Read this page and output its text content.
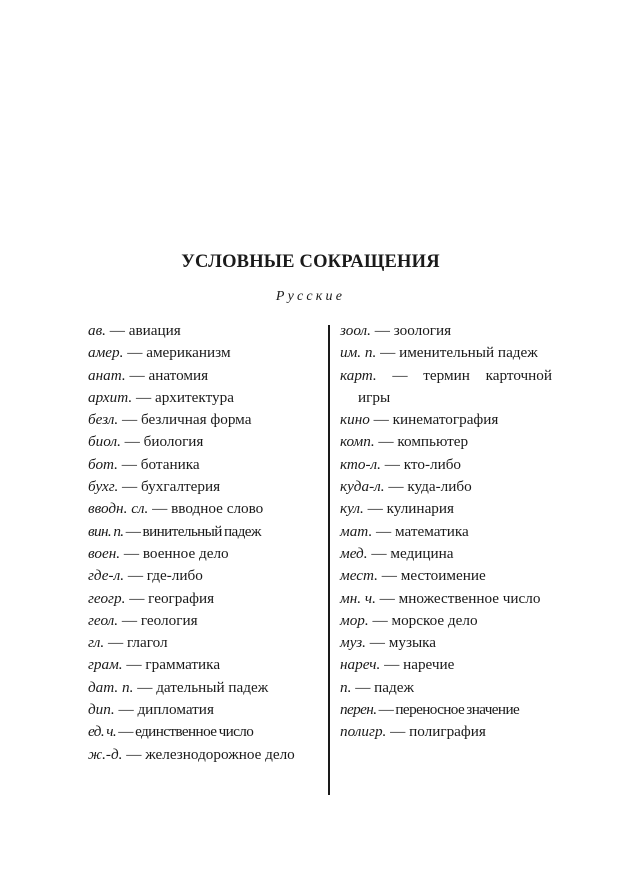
УСЛОВНЫЕ СОКРАЩЕНИЯ
Русские
ав. — авиация
амер. — американизм
анат. — анатомия
архит. — архитектура
безл. — безличная форма
биол. — биология
бот. — ботаника
бухг. — бухгалтерия
вводн. сл. — вводное слово
вин. п. — винительный падеж
воен. — военное дело
где-л. — где-либо
геогр. — география
геол. — геология
гл. — глагол
грам. — грамматика
дат. п. — дательный падеж
дип. — дипломатия
ед. ч. — единственное число
ж.-д. — железнодорожное дело
зоол. — зоология
им. п. — именительный падеж
карт. — термин карточной игры
кино — кинематография
комп. — компьютер
кто-л. — кто-либо
куда-л. — куда-либо
кул. — кулинария
мат. — математика
мед. — медицина
мест. — местоимение
мн. ч. — множественное число
мор. — морское дело
муз. — музыка
нареч. — наречие
п. — падеж
перен. — переносное значение
полигр. — полиграфия
